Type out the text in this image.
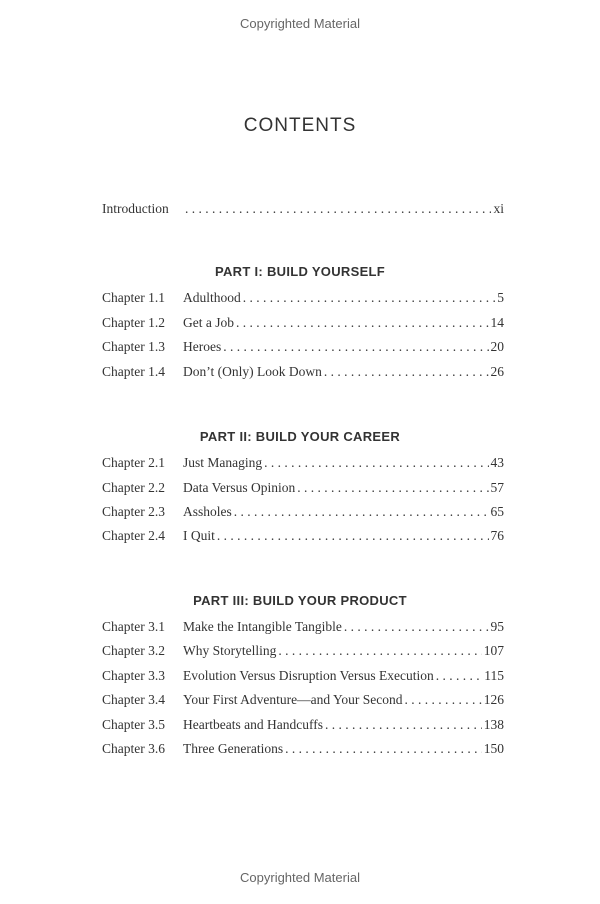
Copyrighted Material
CONTENTS
Introduction . . .	xi
PART I: BUILD YOURSELF
Chapter 1.1	Adulthood . . .	5
Chapter 1.2	Get a Job . . .	14
Chapter 1.3	Heroes . . .	20
Chapter 1.4	Don’t (Only) Look Down . . .	26
PART II: BUILD YOUR CAREER
Chapter 2.1	Just Managing . . .	43
Chapter 2.2	Data Versus Opinion . . .	57
Chapter 2.3	Assholes . . .	65
Chapter 2.4	I Quit . . .	76
PART III: BUILD YOUR PRODUCT
Chapter 3.1	Make the Intangible Tangible . . .	95
Chapter 3.2	Why Storytelling . . .	107
Chapter 3.3	Evolution Versus Disruption Versus Execution . . .	115
Chapter 3.4	Your First Adventure—and Your Second . . .	126
Chapter 3.5	Heartbeats and Handcuffs . . .	138
Chapter 3.6	Three Generations . . .	150
Copyrighted Material
